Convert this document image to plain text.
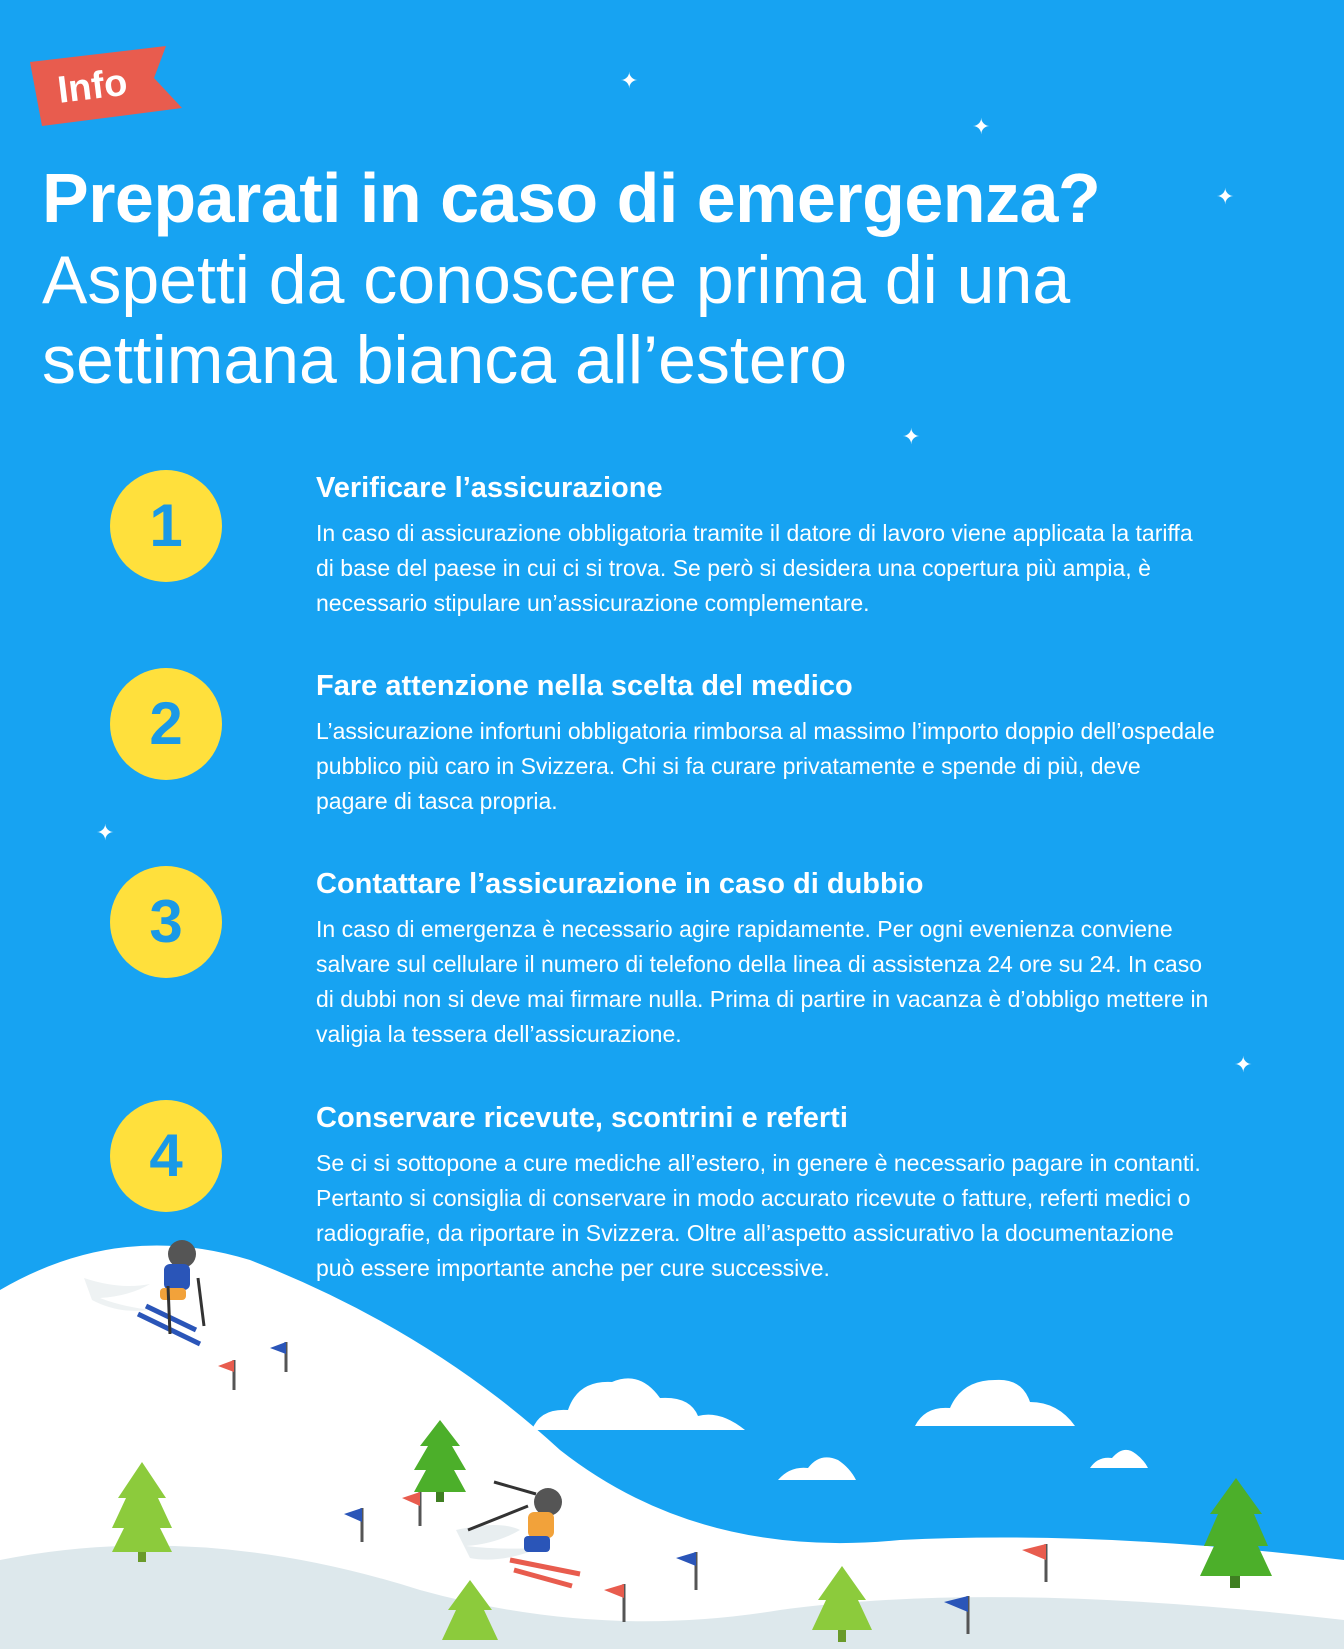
Info	✦
✦
✦
✦
✦
✦
Preparati in caso di emergenza?
Aspetti da conoscere prima di una settimana bianca all’estero
1
Verificare l’assicurazione

In caso di assicurazione obbligatoria tramite il datore di lavoro viene applicata la tariffa di base del paese in cui ci si trova. Se però si desidera una copertura più ampia, è necessario stipulare un’assicurazione complementare.

2
Fare attenzione nella scelta del medico

L’assicurazione infortuni obbligatoria rimborsa al massimo l’importo doppio dell’ospedale pubblico più caro in Svizzera. Chi si fa curare privatamente e spende di più, deve pagare di tasca propria.

3
Contattare l’assicurazione in caso di dubbio

In caso di emergenza è necessario agire rapidamente. Per ogni evenienza conviene salvare sul cellulare il numero di telefono della linea di assistenza 24 ore su 24. In caso di dubbi non si deve mai firmare nulla. Prima di partire in vacanza è d’obbligo mettere in valigia la tessera dell’assicurazione.

4
Conservare ricevute, scontrini e referti

Se ci si sottopone a cure mediche all’estero, in genere è necessario pagare in contanti. Pertanto si consiglia di conservare in modo accurato ricevute o fatture, referti medici o radiografie, da riportare in Svizzera. Oltre all’aspetto assicurativo la documentazione può essere importante anche per cure successive.
